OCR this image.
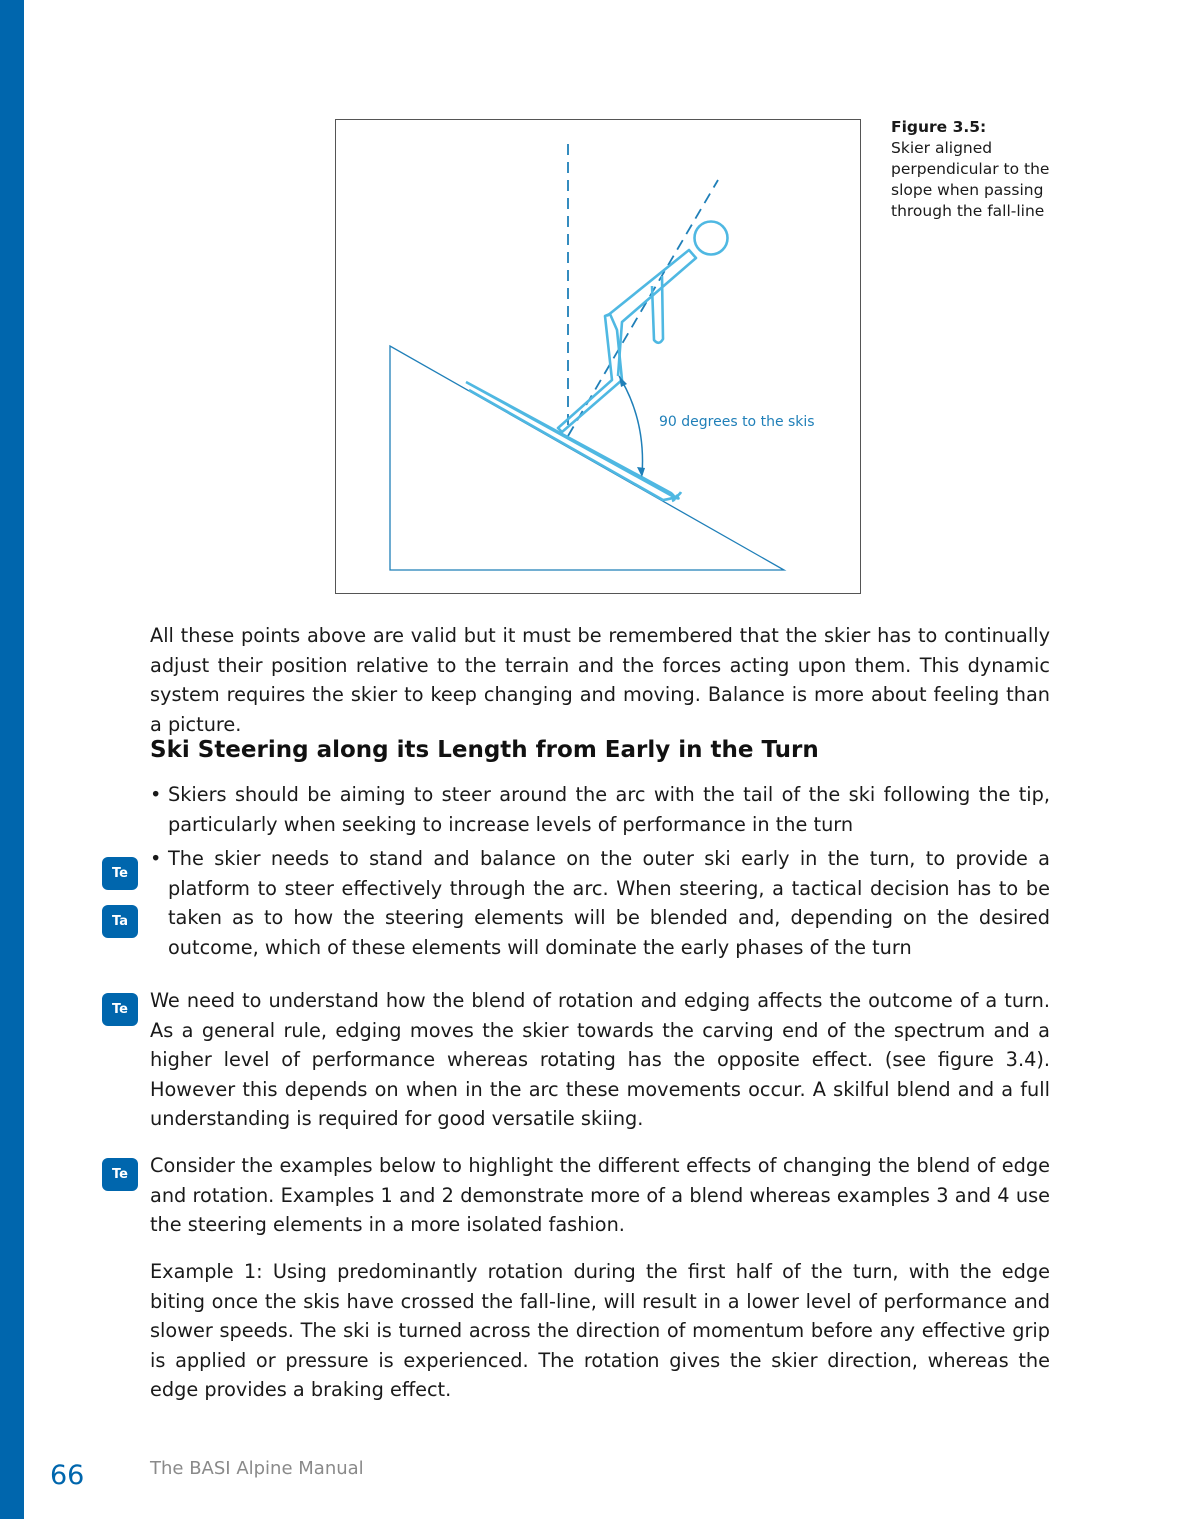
90 degrees to the skis
Figure 3.5:
Skier aligned perpendicular to the slope when passing through the fall-line
All these points above are valid but it must be remembered that the skier has to continually adjust their position relative to the terrain and the forces acting upon them. This dynamic system requires the skier to keep changing and moving. Balance is more about feeling than a picture.
Ski Steering along its Length from Early in the Turn
• Skiers should be aiming to steer around the arc with the tail of the ski following the tip, particularly when seeking to increase levels of performance in the turn
• The skier needs to stand and balance on the outer ski early in the turn, to provide a platform to steer effectively through the arc. When steering, a tactical decision has to be taken as to how the steering elements will be blended and, depending on the desired outcome, which of these elements will dominate the early phases of the turn
We need to understand how the blend of rotation and edging affects the outcome of a turn. As a general rule, edging moves the skier towards the carving end of the spectrum and a higher level of performance whereas rotating has the opposite effect. (see figure 3.4). However this depends on when in the arc these movements occur. A skilful blend and a full understanding is required for good versatile skiing.
Consider the examples below to highlight the different effects of changing the blend of edge and rotation. Examples 1 and 2 demonstrate more of a blend whereas examples 3 and 4 use the steering elements in a more isolated fashion.
Example 1: Using predominantly rotation during the first half of the turn, with the edge biting once the skis have crossed the fall-line, will result in a lower level of performance and slower speeds. The ski is turned across the direction of momentum before any effective grip is applied or pressure is experienced. The rotation gives the skier direction, whereas the edge provides a braking effect.
Te
Ta
Te
Te
66	The BASI Alpine Manual
